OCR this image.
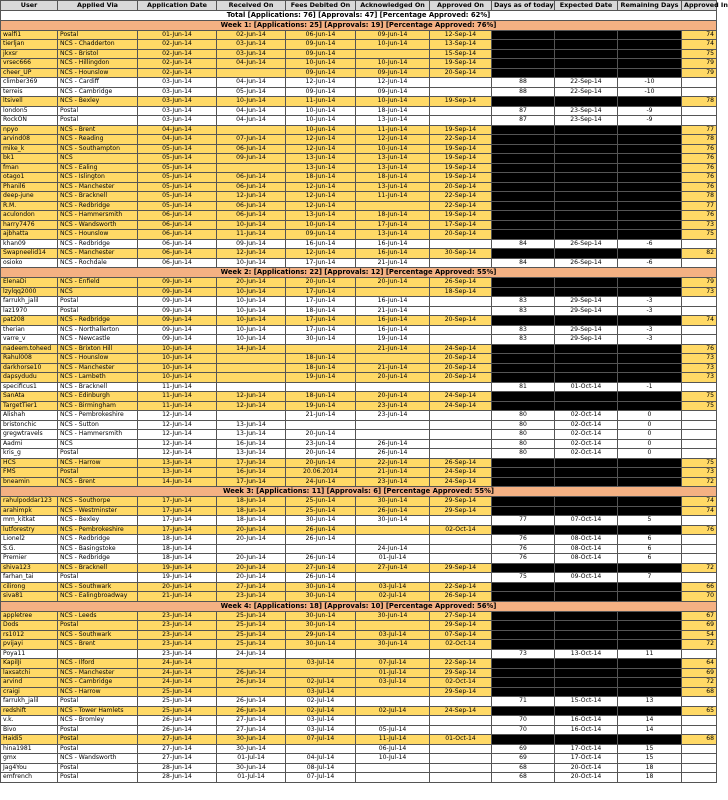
User	Applied Via	Application Date	Received On	Fees Debited On	Acknowledged On	Approved On	Days as of today	Expected Date	Remaining Days	Approved In
Total [Applications: 76] [Approvals: 47] [Percentage Approved: 62%]										
Week 1: [Applications: 25] [Approvals: 19] [Percentage Approved: 76%]										
walfi1	Postal	01-Jun-14	02-Jun-14	06-Jun-14	09-Jun-14	12-Sep-14				74
tierljan	NCS - Chadderton	02-Jun-14	03-Jun-14	09-Jun-14	10-Jun-14	13-Sep-14				74
jkxsr	NCS - Bristol	02-Jun-14	03-Jun-14	09-Jun-14		15-Sep-14				75
vrsec666	NCS - Hillingdon	02-Jun-14	04-Jun-14	10-Jun-14	10-Jun-14	19-Sep-14				79
cheer_UP	NCS - Hounslow	02-Jun-14		09-Jun-14	09-Jun-14	20-Sep-14				79
climber369	NCS - Cardiff	03-Jun-14	04-Jun-14	12-Jun-14	12-Jun-14		88	22-Sep-14	-10	
terreis	NCS - Cambridge	03-Jun-14	05-Jun-14	09-Jun-14	09-Jun-14		88	22-Sep-14	-10	
ltsivell	NCS - Bexley	03-Jun-14	10-Jun-14	11-Jun-14	10-Jun-14	19-Sep-14				78
london5	Postal	03-Jun-14	04-Jun-14	10-Jun-14	18-Jun-14		87	23-Sep-14	-9	
RockON	Postal	03-Jun-14	04-Jun-14	10-Jun-14	13-Jun-14		87	23-Sep-14	-9	
npyo	NCS - Brent	04-Jun-14		10-Jun-14	11-Jun-14	19-Sep-14				77
arvind08	NCS - Reading	04-Jun-14	07-Jun-14	12-Jun-14	12-Jun-14	22-Sep-14				78
mike_k	NCS - Southampton	05-Jun-14	06-Jun-14	12-Jun-14	10-Jun-14	19-Sep-14				76
bk1	NCS	05-Jun-14	09-Jun-14	13-Jun-14	13-Jun-14	19-Sep-14				76
fman	NCS - Ealing	05-Jun-14		13-Jun-14	13-Jun-14	19-Sep-14				76
otago1	NCS - Islington	05-Jun-14	06-Jun-14	18-Jun-14	18-Jun-14	19-Sep-14				76
Phanil6	NCS - Manchester	05-Jun-14	06-Jun-14	12-Jun-14	13-Jun-14	20-Sep-14				76
deep-june	NCS - Bracknell	05-Jun-14	12-Jun-14	12-Jun-14	11-Jun-14	22-Sep-14				78
R.M.	NCS - Redbridge	05-Jun-14	06-Jun-14	12-Jun-14		22-Sep-14				77
aculondon	NCS - Hammersmith	06-Jun-14	06-Jun-14	13-Jun-14	18-Jun-14	19-Sep-14				76
harry7476	NCS - Wandsworth	06-Jun-14	10-Jun-14	10-Jun-14	17-Jun-14	17-Sep-14				73
ajbhatta	NCS - Hounslow	06-Jun-14	11-Jun-14	09-Jun-14	13-Jun-14	20-Sep-14				75
khan09	NCS - Redbridge	06-Jun-14	09-Jun-14	16-Jun-14	16-Jun-14		84	26-Sep-14	-6	
Swapneelid14	NCS - Manchester	06-Jun-14	12-Jun-14	12-Jun-14	16-Jun-14	30-Sep-14				82
osioko	NCS - Rochdale	06-Jun-14	10-Jun-14	17-Jun-14	21-Jun-14		84	26-Sep-14	-6	
Week 2: [Applications: 22] [Approvals: 12] [Percentage Approved: 55%]										
ElenaDi	NCS - Enfield	09-Jun-14	20-Jun-14	20-Jun-14	20-Jun-14	26-Sep-14				79
lzylqq2000	NCS	09-Jun-14	10-Jun-14	17-Jun-14		18-Sep-14				73
farrukh_jalil	Postal	09-Jun-14	10-Jun-14	17-Jun-14	16-Jun-14		83	29-Sep-14	-3	
laz1970	Postal	09-Jun-14	10-Jun-14	18-Jun-14	21-Jun-14		83	29-Sep-14	-3	
pat208	NCS - Redbridge	09-Jun-14	10-Jun-14	17-Jun-14	16-Jun-14	20-Sep-14				74
therian	NCS - Northallerton	09-Jun-14	10-Jun-14	17-Jun-14	16-Jun-14		83	29-Sep-14	-3	
varre_v	NCS - Newcastle	09-Jun-14	10-Jun-14	30-Jun-14	19-Jun-14		83	29-Sep-14	-3	
nadeem.toheed	NCS - Brixton Hill	10-Jun-14	14-Jun-14		21-Jun-14	24-Sep-14				76
Rahul008	NCS - Hounslow	10-Jun-14		18-Jun-14		20-Sep-14				73
darkhorse10	NCS - Manchester	10-Jun-14		18-Jun-14	21-Jun-14	20-Sep-14				73
dapsydudu	NCS - Lambeth	10-Jun-14		19-Jun-14	20-Jun-14	20-Sep-14				73
specificus1	NCS - Bracknell	11-Jun-14					81	01-Oct-14	-1	
SanAta	NCS - Edinburgh	11-Jun-14	12-Jun-14	18-Jun-14	20-Jun-14	24-Sep-14				75
TargetTier1	NCS - Birmingham	11-Jun-14	12-Jun-14	19-Jun-14	23-Jun-14	24-Sep-14				75
Alishah	NCS - Pembrokeshire	12-Jun-14		21-Jun-14	23-Jun-14		80	02-Oct-14	0	
bristonchic	NCS - Sutton	12-Jun-14	13-Jun-14				80	02-Oct-14	0	
gregwtravels	NCS - Hammersmith	12-Jun-14	13-Jun-14	20-Jun-14			80	02-Oct-14	0	
Aadmi	NCS	12-Jun-14	16-Jun-14	23-Jun-14	26-Jun-14		80	02-Oct-14	0	
kris_g	Postal	12-Jun-14	13-Jun-14	20-Jun-14	26-Jun-14		80	02-Oct-14	0	
HCS	NCS - Harrow	13-Jun-14	17-Jun-14	20-Jun-14	22-Jun-14	26-Sep-14				75
FMS	Postal	13-Jun-14	16-Jun-14	20.06.2014	21-Jun-14	24-Sep-14				73
bneamin	NCS - Brent	14-Jun-14	17-Jun-14	24-Jun-14	23-Jun-14	24-Sep-14				72
Week 3: [Applications: 11] [Approvals: 6] [Percentage Approved: 55%]										
rahulpoddar123	NCS - Southorpe	17-Jun-14	18-Jun-14	25-Jun-14	30-Jun-14	29-Sep-14				74
arahimpk	NCS - Westminster	17-Jun-14	18-Jun-14	25-Jun-14	26-Jun-14	29-Sep-14				74
mm_kitkat	NCS - Bexley	17-Jun-14	18-Jun-14	30-Jun-14	30-Jun-14		77	07-Oct-14	5	
lutforestry	NCS - Pembrokeshire	17-Jun-14	20-Jun-14	26-Jun-14		02-Oct-14				76
Lionel2	NCS - Redbridge	18-Jun-14	20-Jun-14	26-Jun-14			76	08-Oct-14	6	
S.G.	NCS - Basingstoke	18-Jun-14			24-Jun-14		76	08-Oct-14	6	
Premier	NCS - Redbridge	18-Jun-14	20-Jun-14	26-Jun-14	01-Jul-14		76	08-Oct-14	6	
shiva123	NCS - Bracknell	19-Jun-14	20-Jun-14	27-Jun-14	27-Jun-14	29-Sep-14				72
farhan_tai	Postal	19-Jun-14	20-Jun-14	26-Jun-14			75	09-Oct-14	7	
cilirong	NCS - Southwark	20-Jun-14	27-Jun-14	30-Jun-14	03-Jul-14	22-Sep-14				66
siva81	NCS - Ealingbroadway	21-Jun-14	23-Jun-14	30-Jun-14	02-Jul-14	26-Sep-14				70
Week 4: [Applications: 18] [Approvals: 10] [Percentage Approved: 56%]										
appletree	NCS - Leeds	23-Jun-14	25-Jun-14	30-Jun-14	30-Jun-14	27-Sep-14				67
Dods	Postal	23-Jun-14	25-Jun-14	30-Jun-14		29-Sep-14				69
rs1012	NCS - Southwark	23-Jun-14	25-Jun-14	29-Jun-14	03-Jul-14	07-Sep-14				54
pvijayi	NCS - Brent	23-Jun-14	25-Jun-14	30-Jun-14	30-Jun-14	02-Oct-14				72
Poya11		23-Jun-14	24-Jun-14				73	13-Oct-14	11	
KapilJi	NCS - Ilford	24-Jun-14		03-Jul-14	07-Jul-14	22-Sep-14				64
laxsatchi	NCS - Manchester	24-Jun-14	26-Jun-14		01-Jul-14	29-Sep-14				69
arvind	NCS - Cambridge	24-Jun-14	26-Jun-14	02-Jul-14	03-Jul-14	02-Oct-14				72
craigi	NCS - Harrow	25-Jun-14		03-Jul-14		29-Sep-14				68
farrukh_jalil	Postal	25-Jun-14	26-Jun-14	02-Jul-14			71	15-Oct-14	13	
redshift	NCS - Tower Hamlets	25-Jun-14	26-Jun-14	02-Jul-14	02-Jul-14	24-Sep-14				65
v.k.	NCS - Bromley	26-Jun-14	27-Jun-14	03-Jul-14			70	16-Oct-14	14	
Bivo	Postal	26-Jun-14	27-Jun-14	03-Jul-14	05-Jul-14		70	16-Oct-14	14	
Haidi5	Postal	27-Jun-14	30-Jun-14	07-Jul-14	11-Jul-14	01-Oct-14				68
hina1981	Postal	27-Jun-14	30-Jun-14		06-Jul-14		69	17-Oct-14	15	
gmx	NCS - Wandsworth	27-Jun-14	01-Jul-14	04-Jul-14	10-Jul-14		69	17-Oct-14	15	
Jag4You	Postal	28-Jun-14	30-Jun-14	08-Jul-14			68	20-Oct-14	18	
emfrench	Postal	28-Jun-14	01-Jul-14	07-Jul-14			68	20-Oct-14	18	
